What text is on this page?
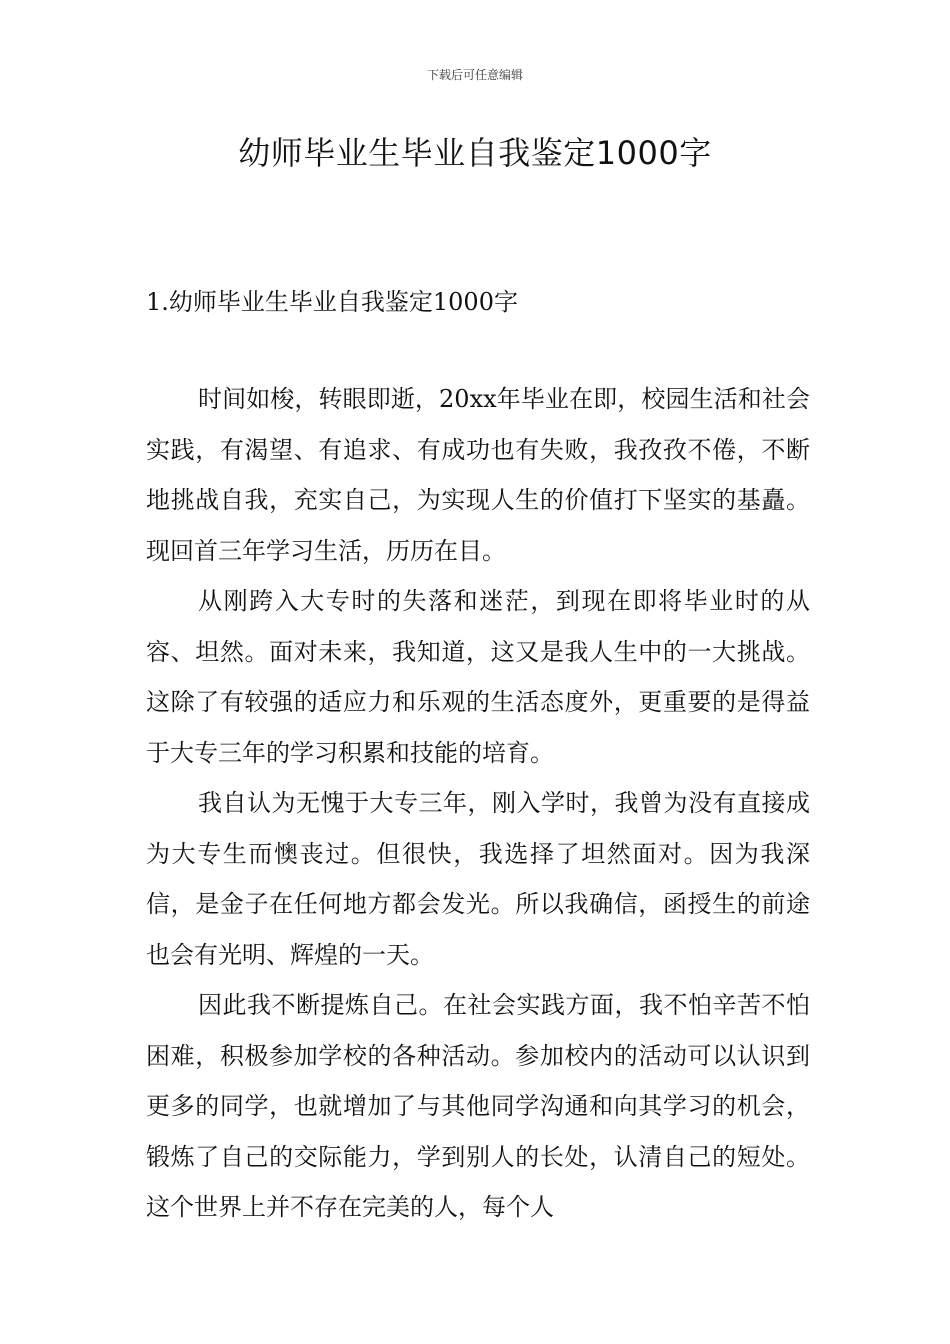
下载后可任意编辑
幼师毕业生毕业自我鉴定1000字
1.幼师毕业生毕业自我鉴定1000字

时间如梭，转眼即逝，20xx年毕业在即，校园生活和社会实践，有渴望、有追求、有成功也有失败，我孜孜不倦，不断地挑战自我，充实自己，为实现人生的价值打下坚实的基矗。现回首三年学习生活，历历在目。

从刚跨入大专时的失落和迷茫，到现在即将毕业时的从容、坦然。面对未来，我知道，这又是我人生中的一大挑战。这除了有较强的适应力和乐观的生活态度外，更重要的是得益于大专三年的学习积累和技能的培育。

我自认为无愧于大专三年，刚入学时，我曾为没有直接成为大专生而懊丧过。但很快，我选择了坦然面对。因为我深信，是金子在任何地方都会发光。所以我确信，函授生的前途也会有光明、辉煌的一天。

因此我不断提炼自己。在社会实践方面，我不怕辛苦不怕困难，积极参加学校的各种活动。参加校内的活动可以认识到更多的同学，也就增加了与其他同学沟通和向其学习的机会，锻炼了自己的交际能力，学到别人的长处，认清自己的短处。这个世界上并不存在完美的人，每个人
